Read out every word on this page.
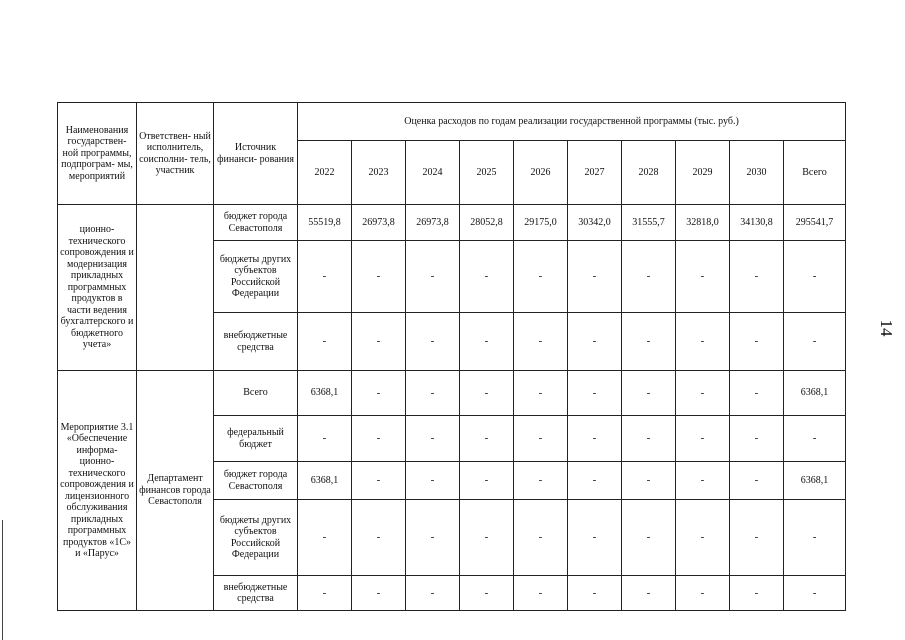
14
Наименования государствен- ной программы, подпрограм- мы, мероприятий	Ответствен- ный исполнитель, соисполни- тель, участник	Источник финанси- рования	Оценка расходов по годам реализации государственной программы (тыс. руб.)									
			2022	2023	2024	2025	2026	2027	2028	2029	2030	Всего
ционно-технического сопровождения и модернизация прикладных программных продуктов в части ведения бухгалтерского и бюджетного учета»		бюджет города Севастополя	55519,8	26973,8	26973,8	28052,8	29175,0	30342,0	31555,7	32818,0	34130,8	295541,7
		бюджеты других субъектов Российской Федерации	-	-	-	-	-	-	-	-	-	-
		внебюджетные средства	-	-	-	-	-	-	-	-	-	-
Мероприятие 3.1 «Обеспечение информа- ционно-технического сопровождения и лицензионного обслуживания прикладных программных продуктов «1С» и «Парус»	Департамент финансов города Севастополя	Всего	6368,1	-	-	-	-	-	-	-	-	6368,1
		федеральный бюджет	-	-	-	-	-	-	-	-	-	-
		бюджет города Севастополя	6368,1	-	-	-	-	-	-	-	-	6368,1
		бюджеты других субъектов Российской Федерации	-	-	-	-	-	-	-	-	-	-
		внебюджетные средства	-	-	-	-	-	-	-	-	-	-
